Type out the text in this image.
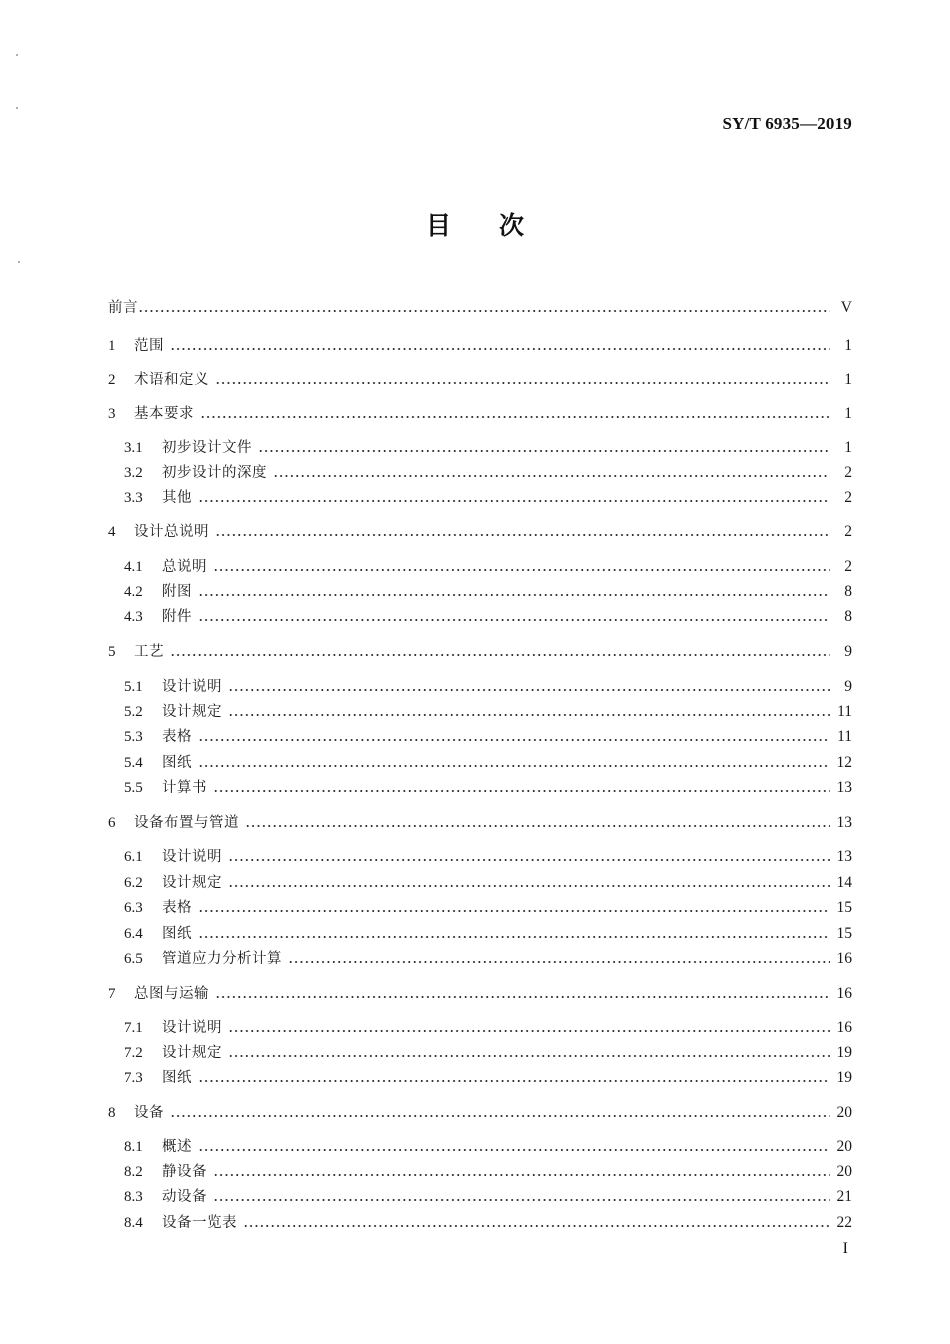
SY/T 6935—2019
目 次
前言	V
1	范围	1
2	术语和定义	1
3	基本要求	1
3.1	初步设计文件	1
3.2	初步设计的深度	2
3.3	其他	2
4	设计总说明	2
4.1	总说明	2
4.2	附图	8
4.3	附件	8
5	工艺	9
5.1	设计说明	9
5.2	设计规定	11
5.3	表格	11
5.4	图纸	12
5.5	计算书	13
6	设备布置与管道	13
6.1	设计说明	13
6.2	设计规定	14
6.3	表格	15
6.4	图纸	15
6.5	管道应力分析计算	16
7	总图与运输	16
7.1	设计说明	16
7.2	设计规定	19
7.3	图纸	19
8	设备	20
8.1	概述	20
8.2	静设备	20
8.3	动设备	21
8.4	设备一览表	22
I
